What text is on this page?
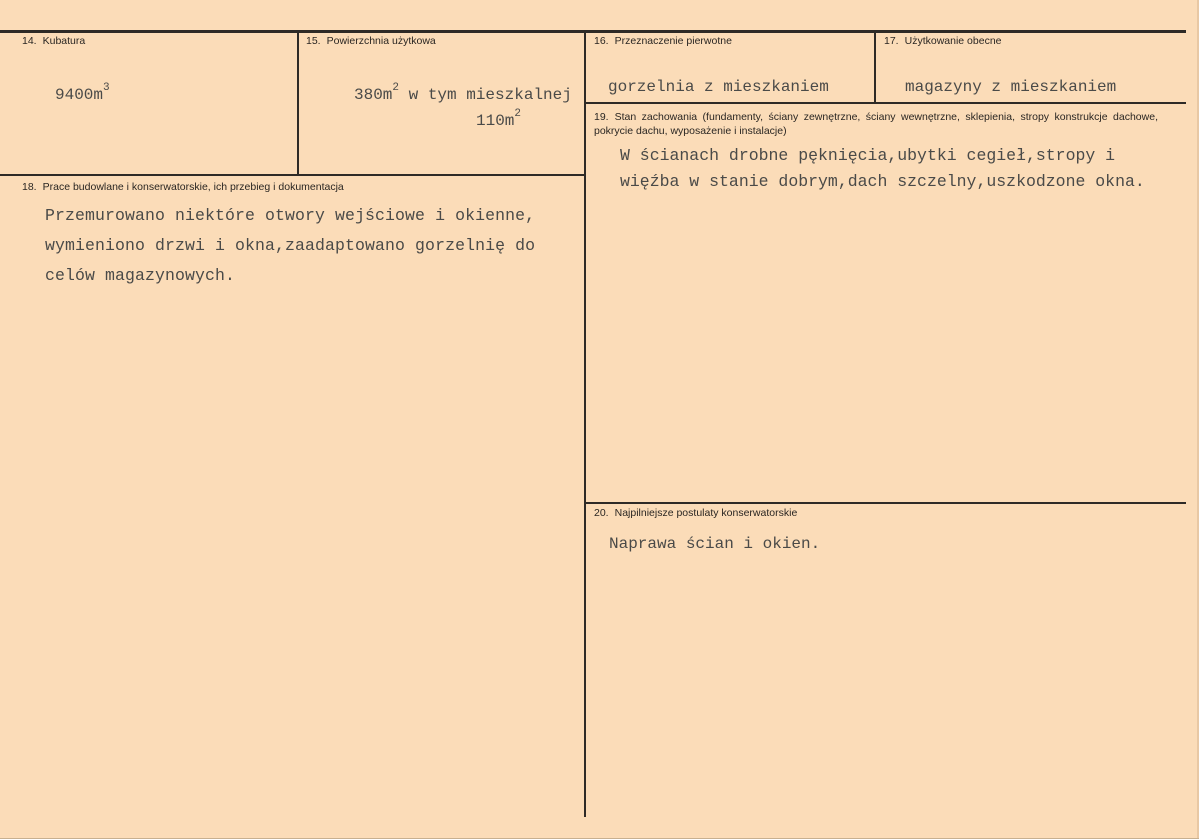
14. Kubatura
$9400m^3$
15. Powierzchnia użytkowa
$380m^2$ w tym mieszkalnej
$110m^2$
16. Przeznaczenie pierwotne
gorzelnia z mieszkaniem
17. Użytkowanie obecne
magazyny z mieszkaniem
18. Prace budowlane i konserwatorskie, ich przebieg i dokumentacja
Przemurowano niektóre otwory wejściowe i okienne,
wymieniono drzwi i okna,zaadaptowano gorzelnię do
celów magazynowych.
19. Stan zachowania (fundamenty, ściany zewnętrzne, ściany wewnętrzne, sklepienia, stropy konstrukcje dachowe, pokrycie dachu, wyposażenie i instalacje)
W ścianach drobne pęknięcia,ubytki cegieł,stropy i
więźba w stanie dobrym,dach szczelny,uszkodzone okna.
20. Najpilniejsze postulaty konserwatorskie
Naprawa ścian i okien.
